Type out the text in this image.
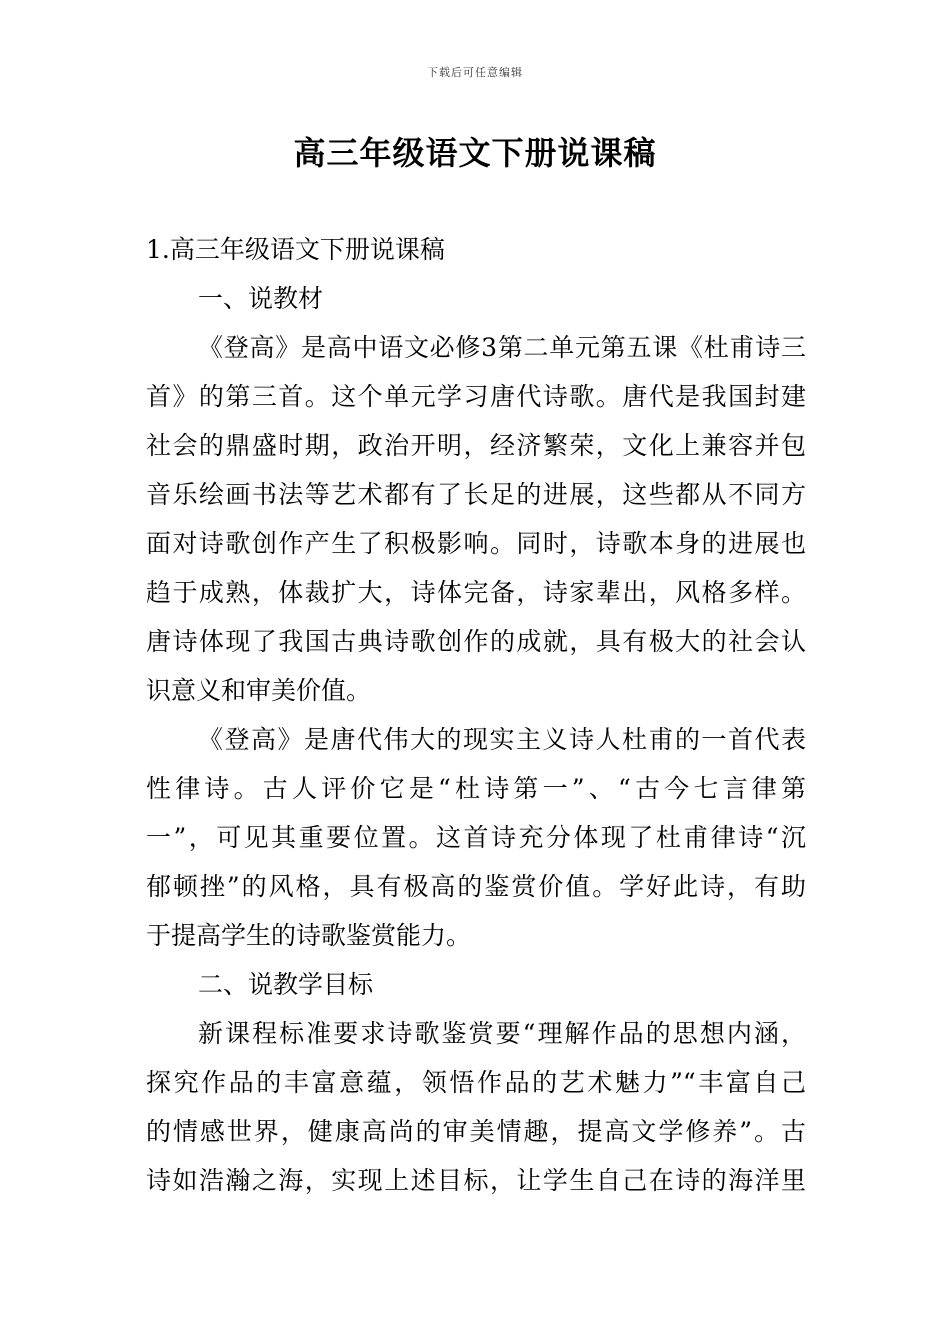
下载后可任意编辑
高三年级语文下册说课稿
1.高三年级语文下册说课稿
一、说教材
《登高》是高中语文必修3第二单元第五课《杜甫诗三
首》的第三首。这个单元学习唐代诗歌。唐代是我国封建
社会的鼎盛时期，政治开明，经济繁荣，文化上兼容并包
音乐绘画书法等艺术都有了长足的进展，这些都从不同方
面对诗歌创作产生了积极影响。同时，诗歌本身的进展也
趋于成熟，体裁扩大，诗体完备，诗家辈出，风格多样。
唐诗体现了我国古典诗歌创作的成就，具有极大的社会认
识意义和审美价值。
《登高》是唐代伟大的现实主义诗人杜甫的一首代表
性律诗。古人评价它是“杜诗第一”、“古今七言律第
一”，可见其重要位置。这首诗充分体现了杜甫律诗“沉
郁顿挫”的风格，具有极高的鉴赏价值。学好此诗，有助
于提高学生的诗歌鉴赏能力。
二、说教学目标
新课程标准要求诗歌鉴赏要“理解作品的思想内涵，
探究作品的丰富意蕴，领悟作品的艺术魅力”“丰富自己
的情感世界，健康高尚的审美情趣，提高文学修养”。古
诗如浩瀚之海，实现上述目标，让学生自己在诗的海洋里
